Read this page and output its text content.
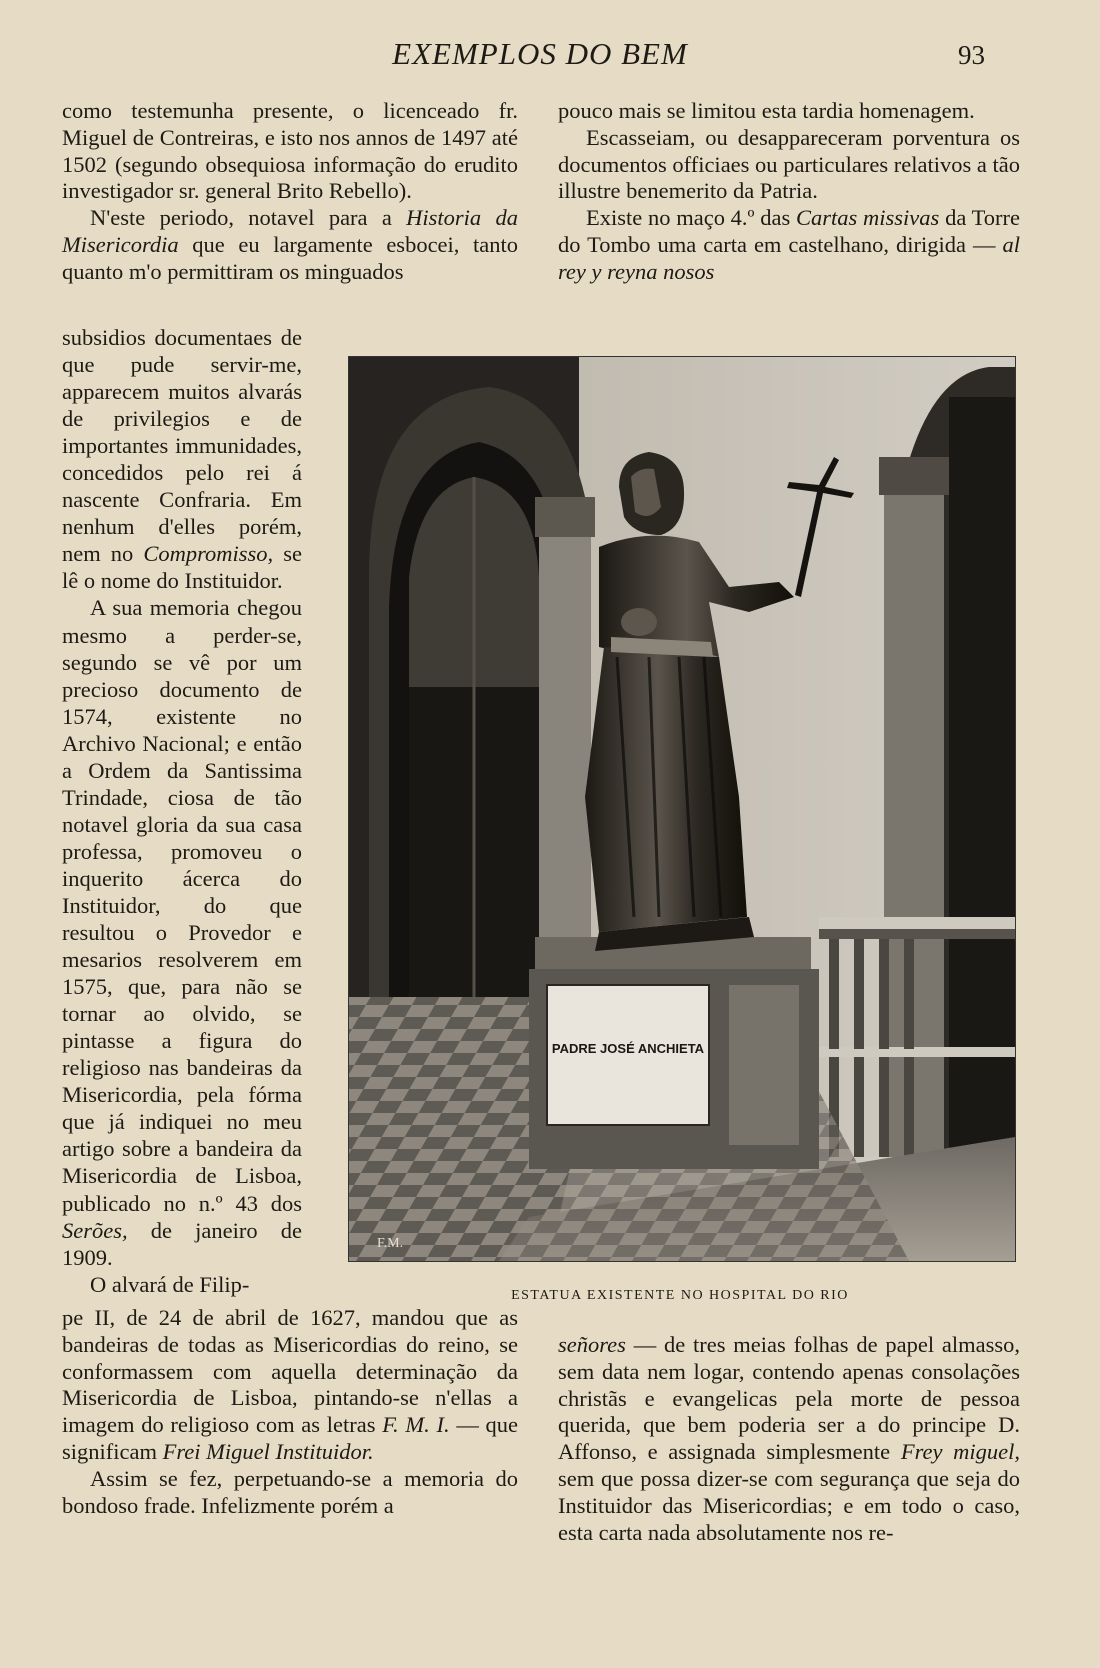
EXEMPLOS DO BEM	93

como testemunha presente, o licenceado fr. Miguel de Contreiras, e isto nos annos de 1497 até 1502 (segundo obsequiosa informação do erudito investigador sr. general Brito Rebello).

N'este periodo, notavel para a Historia da Misericordia que eu largamente esbocei, tanto quanto m'o permittiram os minguados

subsidios documentaes de que pude servir-me, apparecem muitos alvarás de privilegios e de importantes immunidades, concedidos pelo rei á nascente Confraria. Em nenhum d'elles porém, nem no Compromisso, se lê o nome do Instituidor.

A sua memoria chegou mesmo a perder-se, segundo se vê por um precioso documento de 1574, existente no Archivo Nacional; e então a Ordem da Santissima Trindade, ciosa de tão notavel gloria da sua casa professa, promoveu o inquerito ácerca do Instituidor, do que resultou o Provedor e mesarios resolverem em 1575, que, para não se tornar ao olvido, se pintasse a figura do religioso nas bandeiras da Misericordia, pela fórma que já indiquei no meu artigo sobre a bandeira da Misericordia de Lisboa, publicado no n.º 43 dos Serões, de janeiro de 1909.

O alvará de Filip-

pe II, de 24 de abril de 1627, mandou que as bandeiras de todas as Misericordias do reino, se conformassem com aquella determinação da Misericordia de Lisboa, pintando-se n'ellas a imagem do religioso com as letras F. M. I. — que significam Frei Miguel Instituidor.

Assim se fez, perpetuando-se a memoria do bondoso frade. Infelizmente porém a

pouco mais se limitou esta tardia homenagem.

Escasseiam, ou desappareceram porventura os documentos officiaes ou particulares relativos a tão illustre benemerito da Patria.

Existe no maço 4.º das Cartas missivas da Torre do Tombo uma carta em castelhano, dirigida — al rey y reyna nosos

señores — de tres meias folhas de papel almasso, sem data nem logar, contendo apenas consolações christãs e evangelicas pela morte de pessoa querida, que bem poderia ser a do principe D. Affonso, e assignada simplesmente Frey miguel, sem que possa dizer-se com segurança que seja do Instituidor das Misericordias; e em todo o caso, esta carta nada absolutamente nos re-

PADRE JOSÉ ANCHIETA
F.M.
ESTATUA EXISTENTE NO HOSPITAL DO RIO
